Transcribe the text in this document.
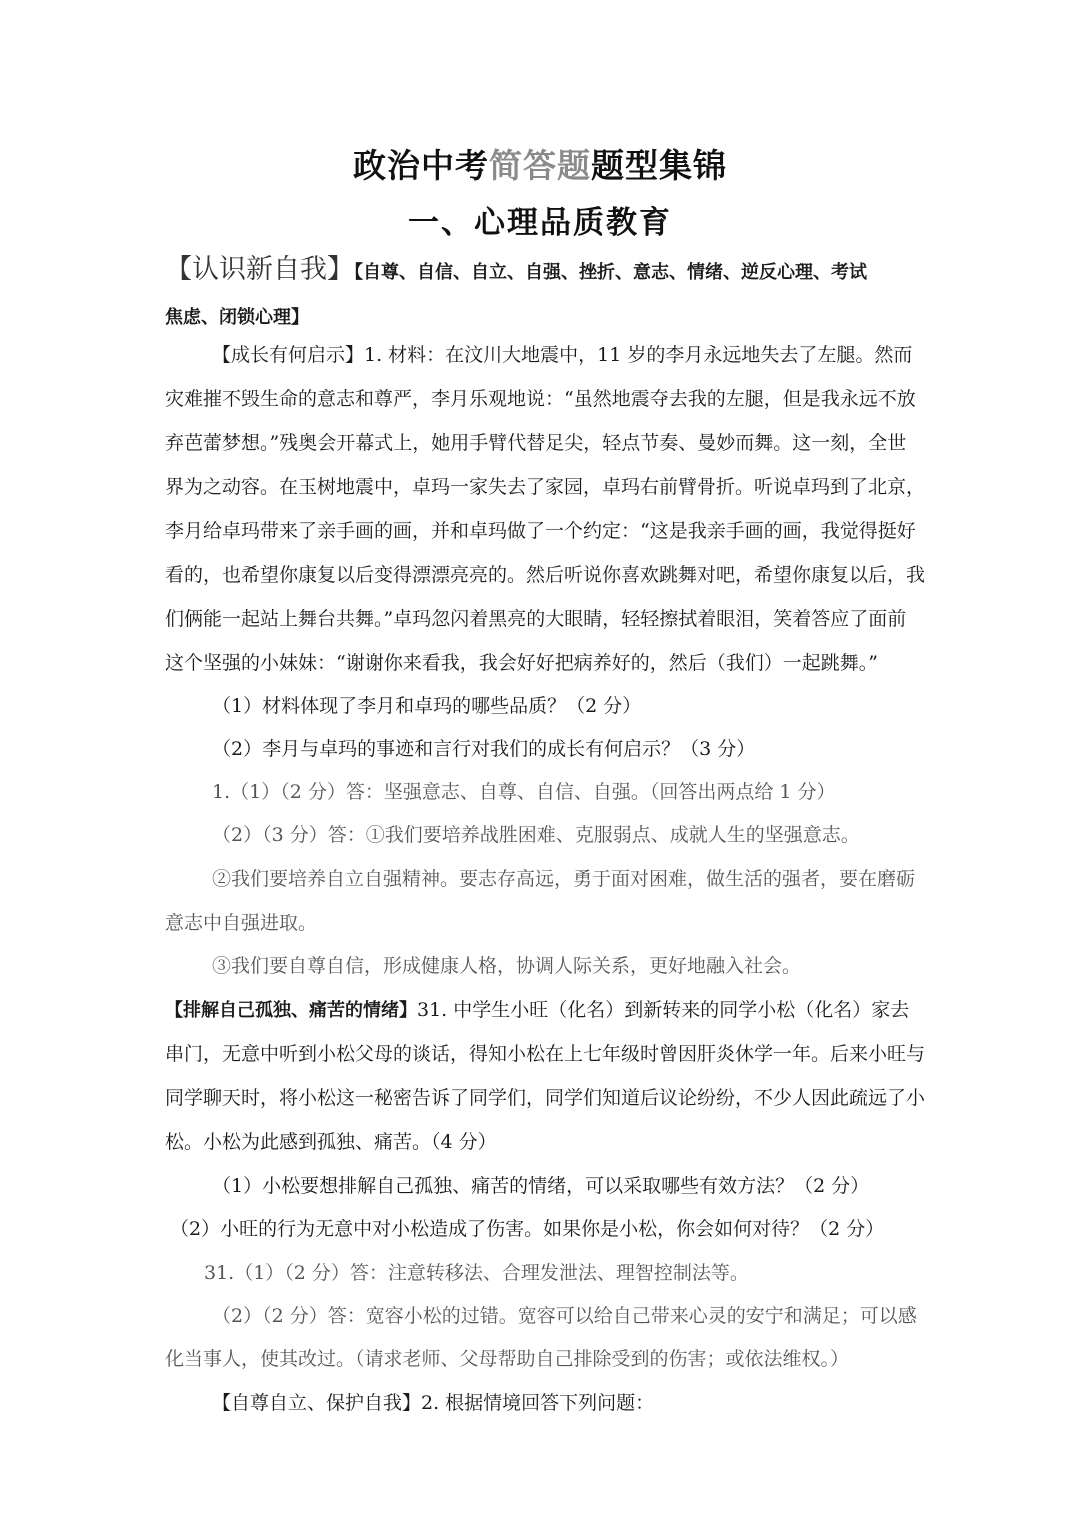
政治中考简答题题型集锦
一、心理品质教育
【认识新自我】【自尊、自信、自立、自强、挫折、意志、情绪、逆反心理、考试
焦虑、闭锁心理】
【成长有何启示】1. 材料：在汶川大地震中，11 岁的李月永远地失去了左腿。然而
灾难摧不毁生命的意志和尊严，李月乐观地说：“虽然地震夺去我的左腿，但是我永远不放
弃芭蕾梦想。”残奥会开幕式上，她用手臂代替足尖，轻点节奏、曼妙而舞。这一刻，全世
界为之动容。在玉树地震中，卓玛一家失去了家园，卓玛右前臂骨折。听说卓玛到了北京，
李月给卓玛带来了亲手画的画，并和卓玛做了一个约定：“这是我亲手画的画，我觉得挺好
看的，也希望你康复以后变得漂漂亮亮的。然后听说你喜欢跳舞对吧，希望你康复以后，我
们俩能一起站上舞台共舞。”卓玛忽闪着黑亮的大眼睛，轻轻擦拭着眼泪，笑着答应了面前
这个坚强的小妹妹：“谢谢你来看我，我会好好把病养好的，然后（我们）一起跳舞。”
（1）材料体现了李月和卓玛的哪些品质？（2 分）
（2）李月与卓玛的事迹和言行对我们的成长有何启示？（3 分）
1.（1）（2 分）答：坚强意志、自尊、自信、自强。（回答出两点给 1 分）
（2）（3 分）答：①我们要培养战胜困难、克服弱点、成就人生的坚强意志。
②我们要培养自立自强精神。要志存高远，勇于面对困难，做生活的强者，要在磨砺
意志中自强进取。
③我们要自尊自信，形成健康人格，协调人际关系，更好地融入社会。
【排解自己孤独、痛苦的情绪】31. 中学生小旺（化名）到新转来的同学小松（化名）家去
串门，无意中听到小松父母的谈话，得知小松在上七年级时曾因肝炎休学一年。后来小旺与
同学聊天时，将小松这一秘密告诉了同学们，同学们知道后议论纷纷，不少人因此疏远了小
松。小松为此感到孤独、痛苦。（4 分）
（1）小松要想排解自己孤独、痛苦的情绪，可以采取哪些有效方法？（2 分）
（2）小旺的行为无意中对小松造成了伤害。如果你是小松，你会如何对待？（2 分）
31.（1）（2 分）答：注意转移法、合理发泄法、理智控制法等。
（2）（2 分）答：宽容小松的过错。宽容可以给自己带来心灵的安宁和满足；可以感
化当事人，使其改过。（请求老师、父母帮助自己排除受到的伤害；或依法维权。）
【自尊自立、保护自我】2. 根据情境回答下列问题：
